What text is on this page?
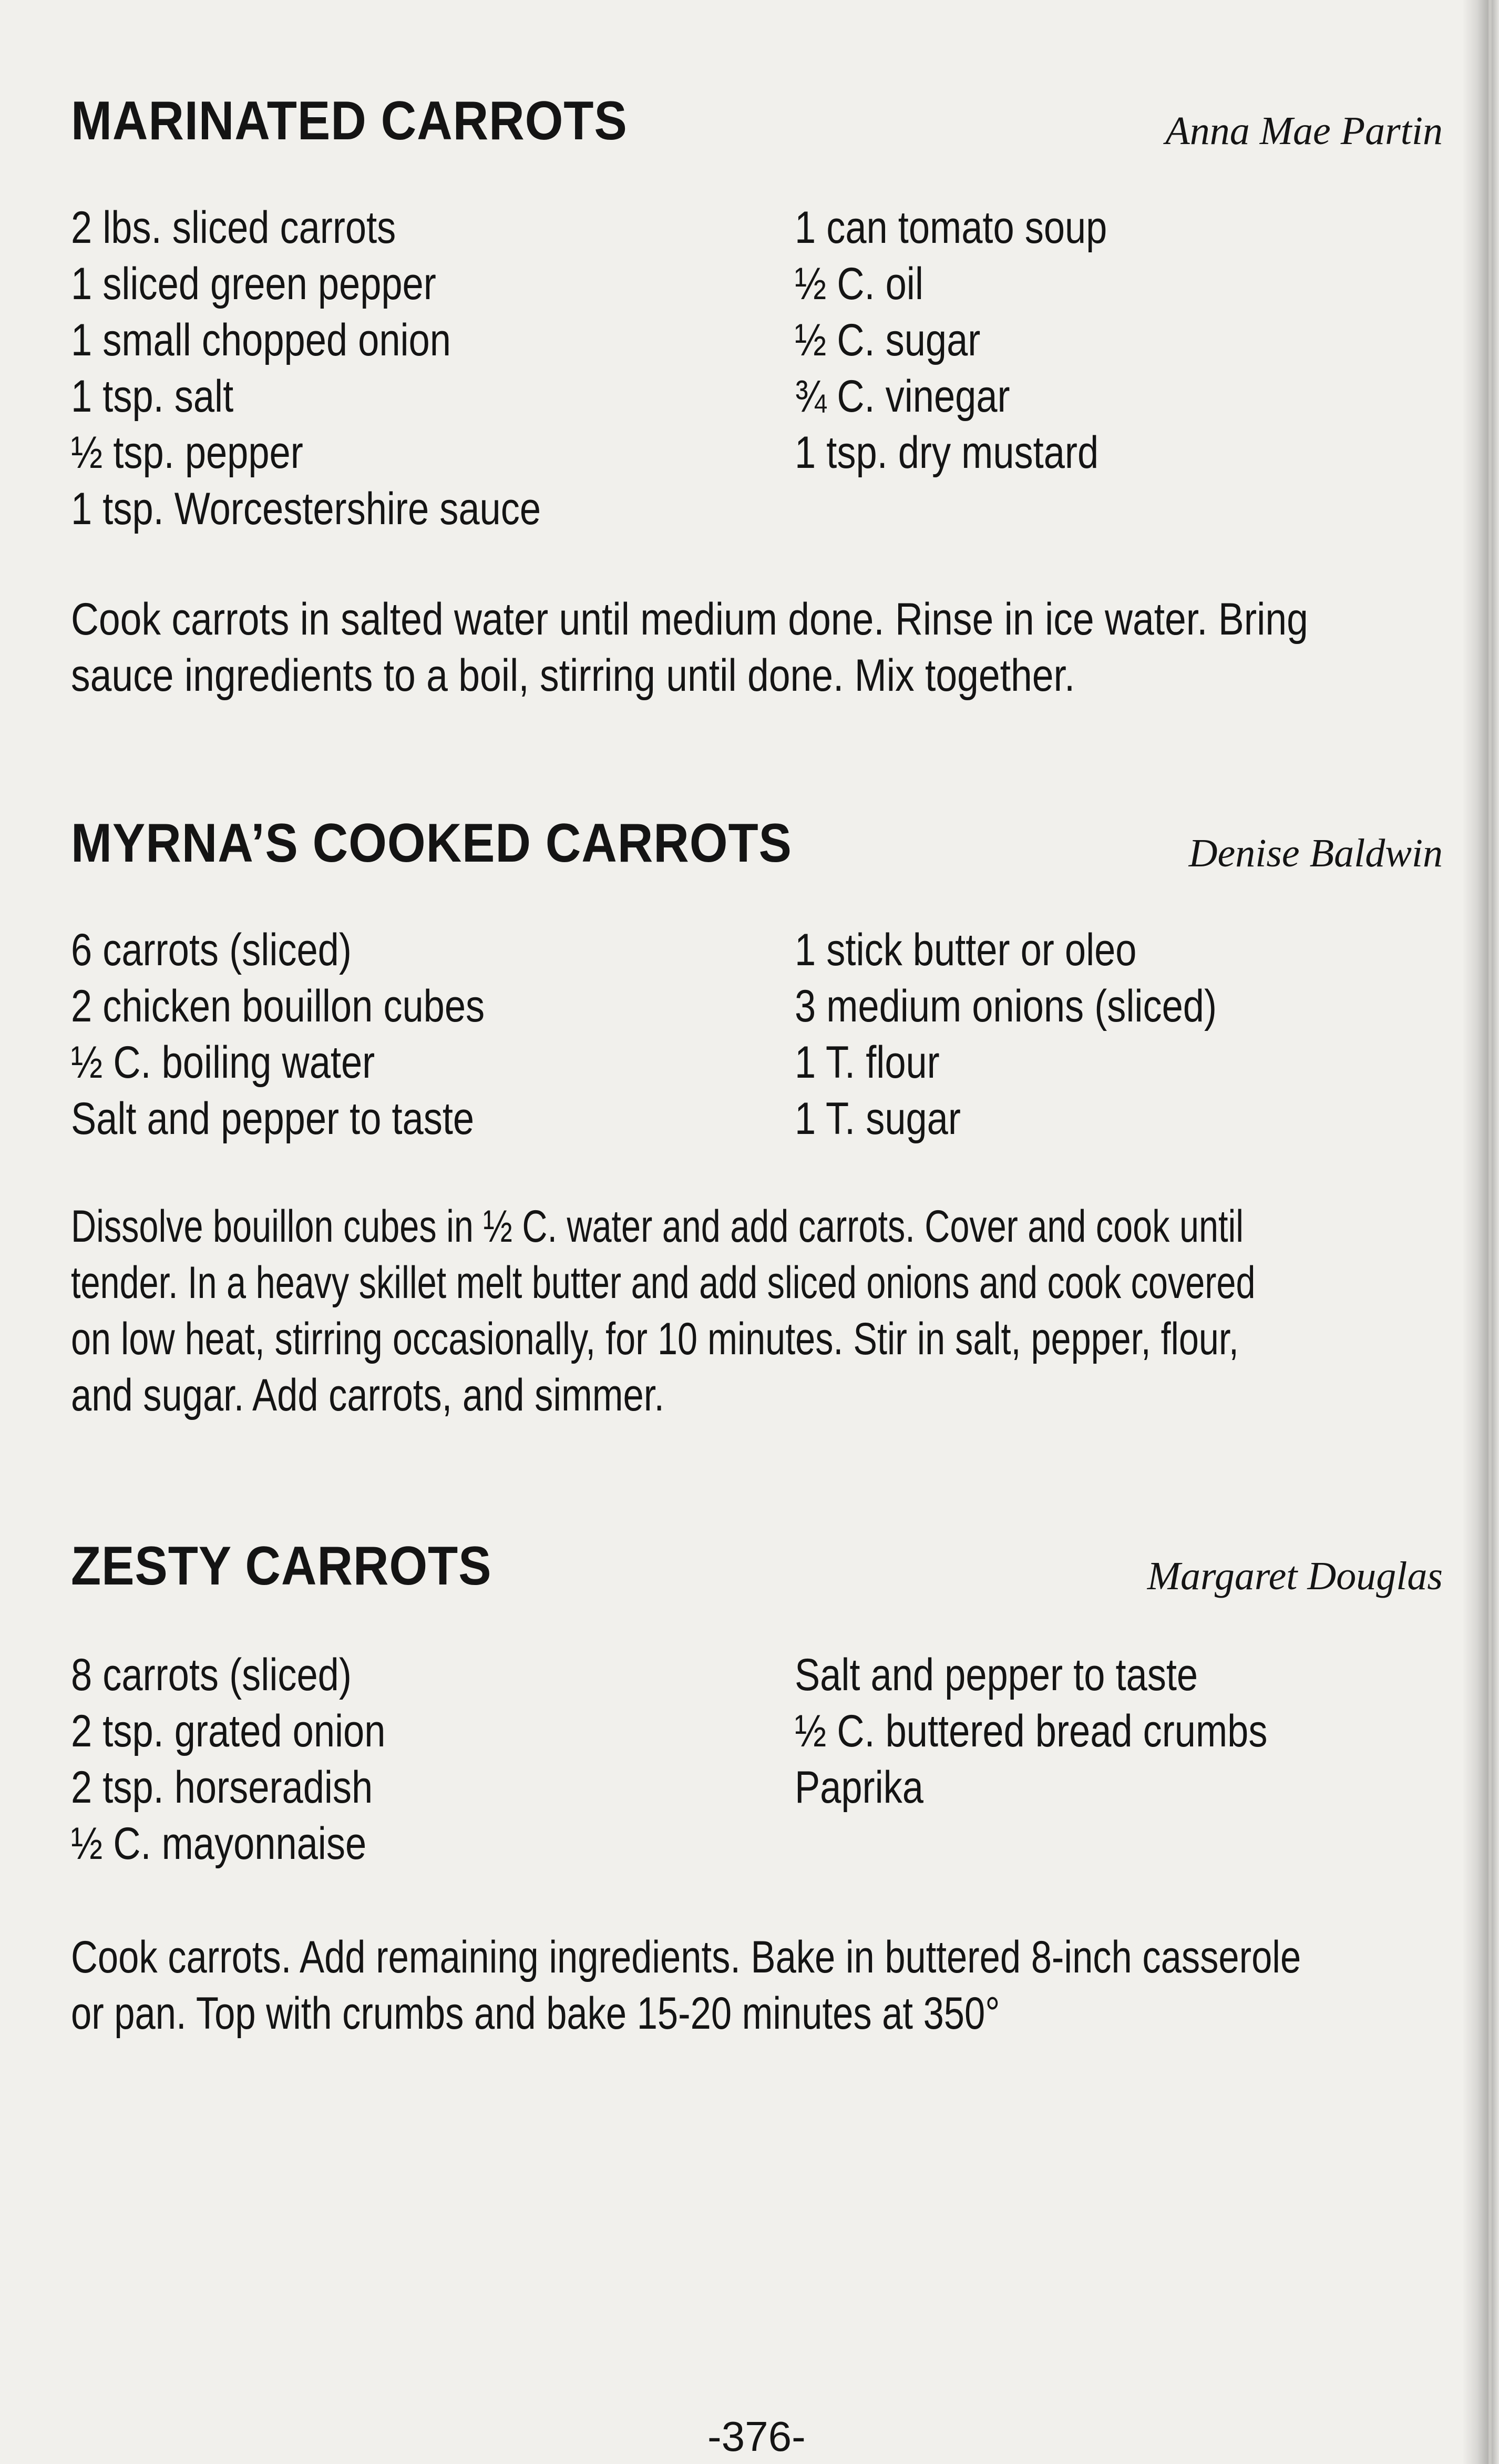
MARINATED CARROTS	Anna Mae Partin
2 lbs. sliced carrots
1 sliced green pepper
1 small chopped onion
1 tsp. salt
½ tsp. pepper
1 tsp. Worcestershire sauce
1 can tomato soup
½ C. oil
½ C. sugar
¾ C. vinegar
1 tsp. dry mustard

Cook carrots in salted water until medium done. Rinse in ice water. Bring
sauce ingredients to a boil, stirring until done. Mix together.

MYRNA’S COOKED CARROTS	Denise Baldwin
6 carrots (sliced)
2 chicken bouillon cubes
½ C. boiling water
Salt and pepper to taste
1 stick butter or oleo
3 medium onions (sliced)
1 T. flour
1 T. sugar

Dissolve bouillon cubes in ½ C. water and add carrots. Cover and cook until
tender. In a heavy skillet melt butter and add sliced onions and cook covered
on low heat, stirring occasionally, for 10 minutes. Stir in salt, pepper, flour,
and sugar. Add carrots, and simmer.

ZESTY CARROTS	Margaret Douglas
8 carrots (sliced)
2 tsp. grated onion
2 tsp. horseradish
½ C. mayonnaise
Salt and pepper to taste
½ C. buttered bread crumbs
Paprika

Cook carrots. Add remaining ingredients. Bake in buttered 8-inch casserole
or pan. Top with crumbs and bake 15-20 minutes at 350°

-376-
